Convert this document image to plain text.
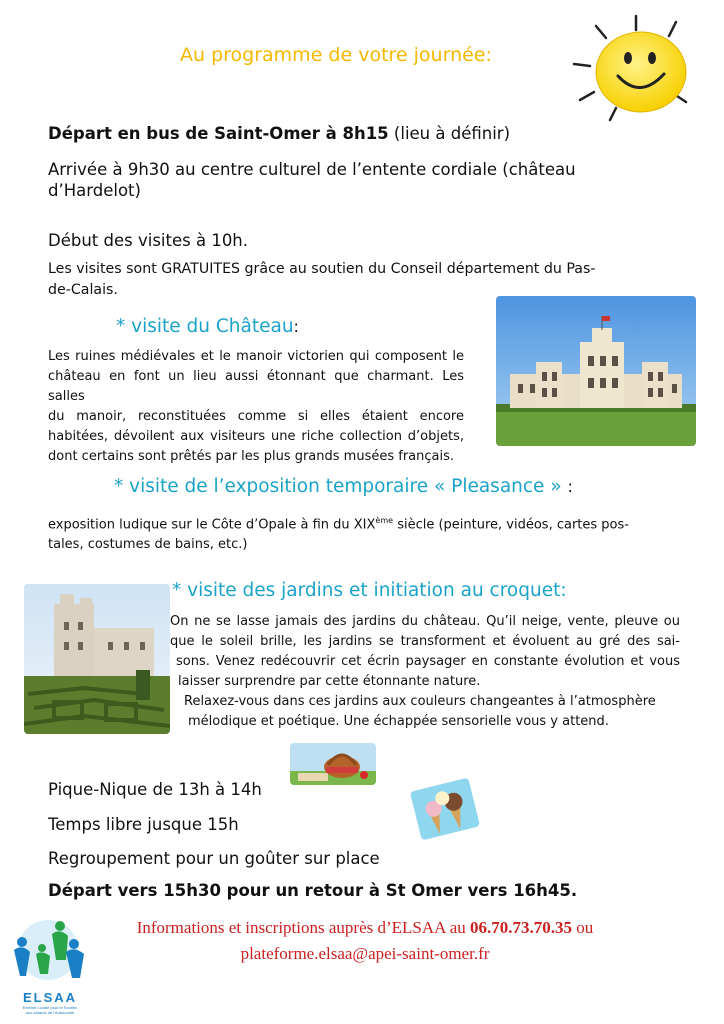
Au programme de votre journée:
Départ en bus de Saint-Omer à 8h15 (lieu à définir)
Arrivée à 9h30 au centre culturel de l’entente cordiale (château
d’Hardelot)
Début des visites à 10h.
Les visites sont GRATUITES grâce au soutien du Conseil département du Pas-
de-Calais.
* visite du Château:
Les ruines médiévales et le manoir victorien qui composent le
château en font un lieu aussi étonnant que charmant. Les salles
du manoir, reconstituées comme si elles étaient encore
habitées, dévoilent aux visiteurs une riche collection d’objets,
dont certains sont prêtés par les plus grands musées français.
* visite de l’exposition temporaire « Pleasance » :
exposition ludique sur le Côte d’Opale à fin du XIXème siècle (peinture, vidéos, cartes pos-
tales, costumes de bains, etc.)
* visite des jardins et initiation au croquet:
On ne se lasse jamais des jardins du château. Qu’il neige, vente, pleuve ou
que le soleil brille, les jardins se transforment et évoluent au gré des sai-
sons. Venez redécouvrir cet écrin paysager en constante évolution et vous
laisser surprendre par cette étonnante nature.
Relaxez-vous dans ces jardins aux couleurs changeantes à l’atmosphère
mélodique et poétique. Une échappée sensorielle vous y attend.
Pique-Nique de 13h à 14h
Temps libre jusque 15h
Regroupement pour un goûter sur place
Départ vers 15h30 pour un retour à St Omer vers 16h45.
ELSAA
Entente Locale pour le Soutien
aux Aidants de l'Autonomie
Informations et inscriptions auprès d’ELSAA au 06.70.73.70.35 ou
plateforme.elsaa@apei-saint-omer.fr
